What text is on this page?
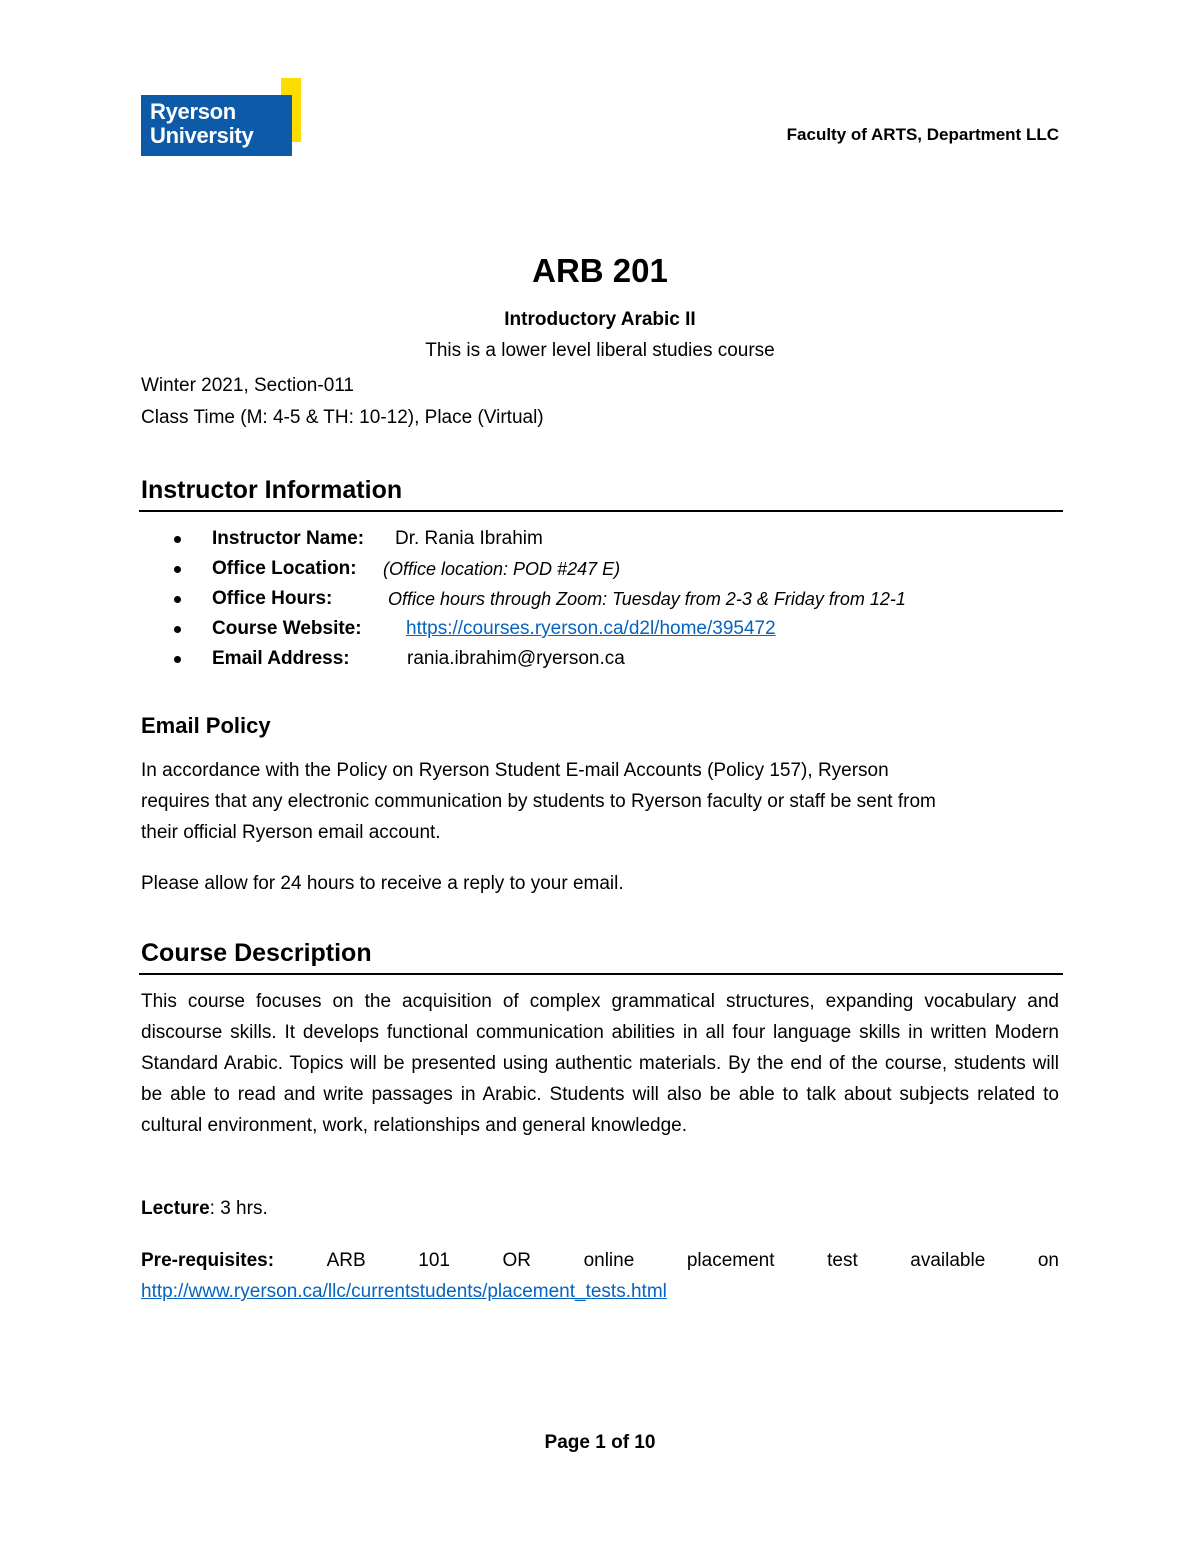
Ryerson
University	Faculty of ARTS, Department LLC
ARB 201
Introductory Arabic II
This is a lower level liberal studies course
Winter 2021, Section-011
Class Time (M: 4-5 & TH: 10-12), Place (Virtual)
Instructor Information
Instructor Name: Dr. Rania Ibrahim
Office Location: (Office location: POD #247 E)
Office Hours:	Office hours through Zoom: Tuesday from 2-3 & Friday from 12-1
Course Website: https://courses.ryerson.ca/d2l/home/395472
Email Address:	rania.ibrahim@ryerson.ca
Email Policy
In accordance with the Policy on Ryerson Student E-mail Accounts (Policy 157), Ryerson
requires that any electronic communication by students to Ryerson faculty or staff be sent from
their official Ryerson email account.
Please allow for 24 hours to receive a reply to your email.
Course Description
This course focuses on the acquisition of complex grammatical structures, expanding vocabulary and discourse skills. It develops functional communication abilities in all four language skills in written Modern Standard Arabic. Topics will be presented using authentic materials. By the end of the course, students will be able to read and write passages in Arabic. Students will also be able to talk about subjects related to cultural environment, work, relationships and general knowledge.
Lecture: 3 hrs.
Pre-requisites:	ARB	101	OR	online	placement	test	available	on
http://www.ryerson.ca/llc/currentstudents/placement_tests.html
Page 1 of 10
